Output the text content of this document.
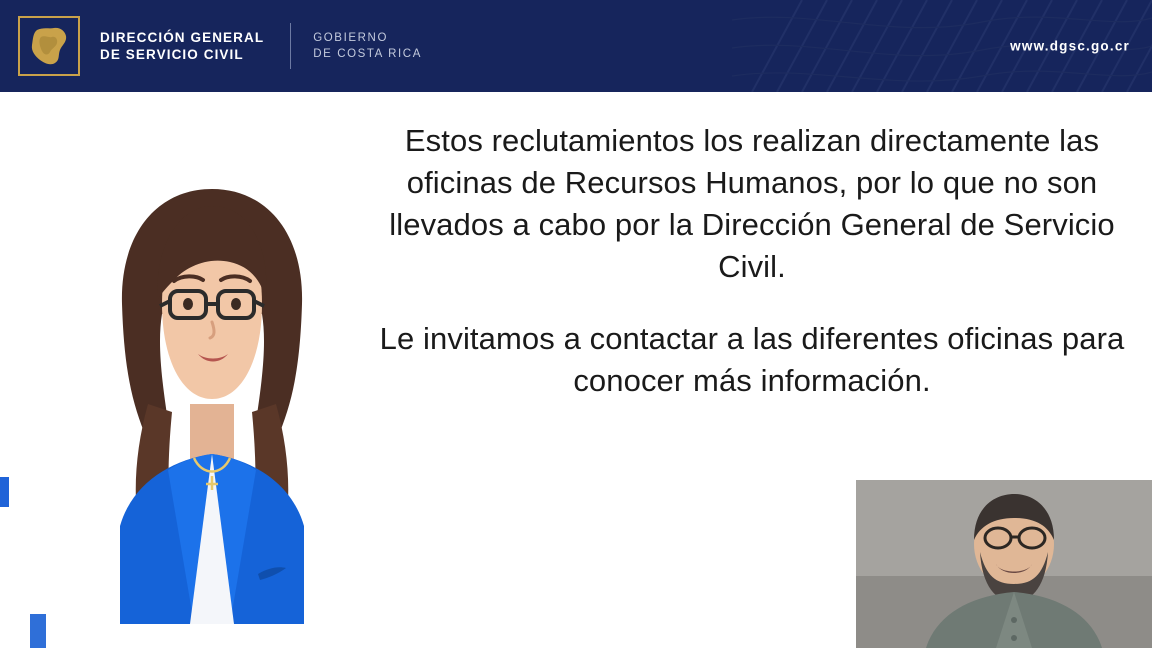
DIRECCIÓN GENERAL
DE SERVICIO CIVIL
GOBIERNO
DE COSTA RICA
www.dgsc.go.cr

Estos reclutamientos los realizan directamente las oficinas de Recursos Humanos, por lo que no son llevados a cabo por la Dirección General de Servicio Civil.

Le invitamos a contactar a las diferentes oficinas para conocer más información.
